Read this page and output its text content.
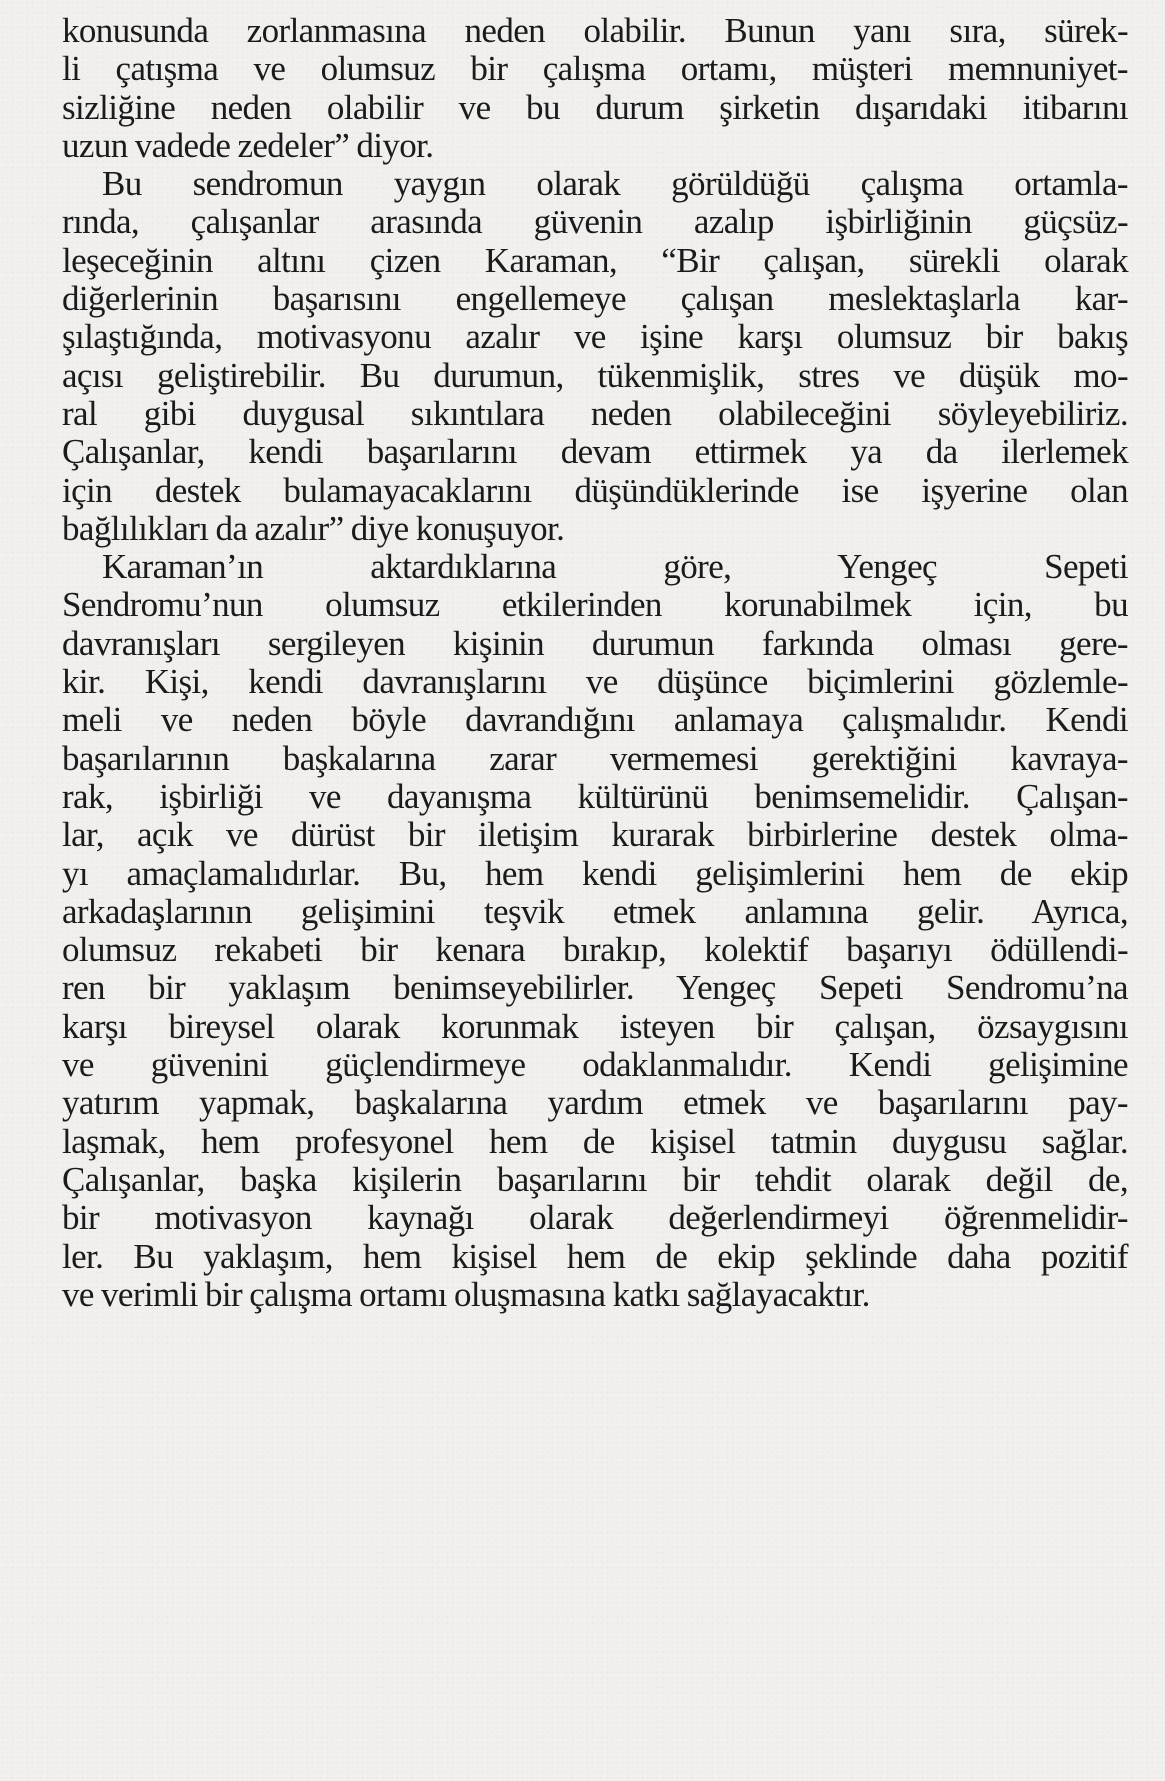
konusunda zorlanmasına neden olabilir. Bunun yanı sıra, sürek-
li çatışma ve olumsuz bir çalışma ortamı, müşteri memnuniyet-
sizliğine neden olabilir ve bu durum şirketin dışarıdaki itibarını
uzun vadede zedeler” diyor.
Bu sendromun yaygın olarak görüldüğü çalışma ortamla-
rında, çalışanlar arasında güvenin azalıp işbirliğinin güçsüz-
leşeceğinin altını çizen Karaman, “Bir çalışan, sürekli olarak
diğerlerinin başarısını engellemeye çalışan meslektaşlarla kar-
şılaştığında, motivasyonu azalır ve işine karşı olumsuz bir bakış
açısı geliştirebilir. Bu durumun, tükenmişlik, stres ve düşük mo-
ral gibi duygusal sıkıntılara neden olabileceğini söyleyebiliriz.
Çalışanlar, kendi başarılarını devam ettirmek ya da ilerlemek
için destek bulamayacaklarını düşündüklerinde ise işyerine olan
bağlılıkları da azalır” diye konuşuyor.
Karaman’ın aktardıklarına göre, Yengeç Sepeti
Sendromu’nun olumsuz etkilerinden korunabilmek için, bu
davranışları sergileyen kişinin durumun farkında olması gere-
kir. Kişi, kendi davranışlarını ve düşünce biçimlerini gözlemle-
meli ve neden böyle davrandığını anlamaya çalışmalıdır. Kendi
başarılarının başkalarına zarar vermemesi gerektiğini kavraya-
rak, işbirliği ve dayanışma kültürünü benimsemelidir. Çalışan-
lar, açık ve dürüst bir iletişim kurarak birbirlerine destek olma-
yı amaçlamalıdırlar. Bu, hem kendi gelişimlerini hem de ekip
arkadaşlarının gelişimini teşvik etmek anlamına gelir. Ayrıca,
olumsuz rekabeti bir kenara bırakıp, kolektif başarıyı ödüllendi-
ren bir yaklaşım benimseyebilirler. Yengeç Sepeti Sendromu’na
karşı bireysel olarak korunmak isteyen bir çalışan, özsaygısını
ve güvenini güçlendirmeye odaklanmalıdır. Kendi gelişimine
yatırım yapmak, başkalarına yardım etmek ve başarılarını pay-
laşmak, hem profesyonel hem de kişisel tatmin duygusu sağlar.
Çalışanlar, başka kişilerin başarılarını bir tehdit olarak değil de,
bir motivasyon kaynağı olarak değerlendirmeyi öğrenmelidir-
ler. Bu yaklaşım, hem kişisel hem de ekip şeklinde daha pozitif
ve verimli bir çalışma ortamı oluşmasına katkı sağlayacaktır.
